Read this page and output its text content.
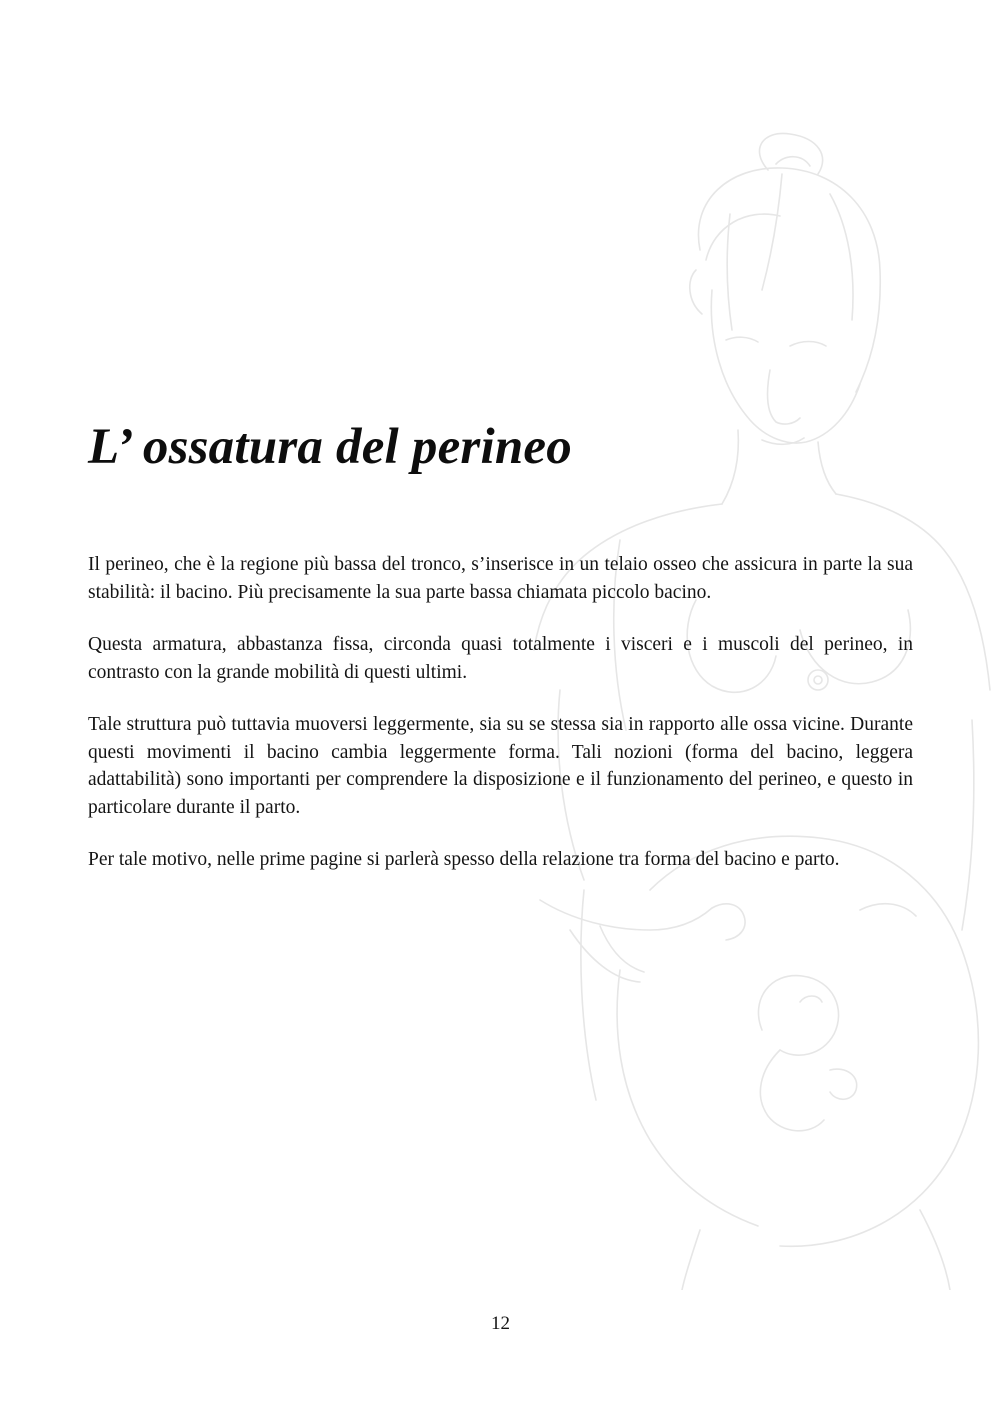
L’ ossatura del perineo

Il perineo, che è la regione più bassa del tronco, s’inserisce in un telaio osseo che assicura in parte la sua stabilità: il bacino. Più precisamente la sua parte bassa chiamata piccolo bacino.

Questa armatura, abbastanza fissa, circonda quasi totalmente i visceri e i muscoli del perineo, in contrasto con la grande mobilità di questi ultimi.

Tale struttura può tuttavia muoversi leggermente, sia su se stessa sia in rapporto alle ossa vicine. Durante questi movimenti il bacino cambia leggermente forma. Tali nozioni (forma del bacino, leggera adattabilità) sono importanti per comprendere la disposizione e il funzionamento del perineo, e questo in particolare durante il parto.

Per tale motivo, nelle prime pagine si parlerà spesso della relazione tra forma del bacino e parto.

12
